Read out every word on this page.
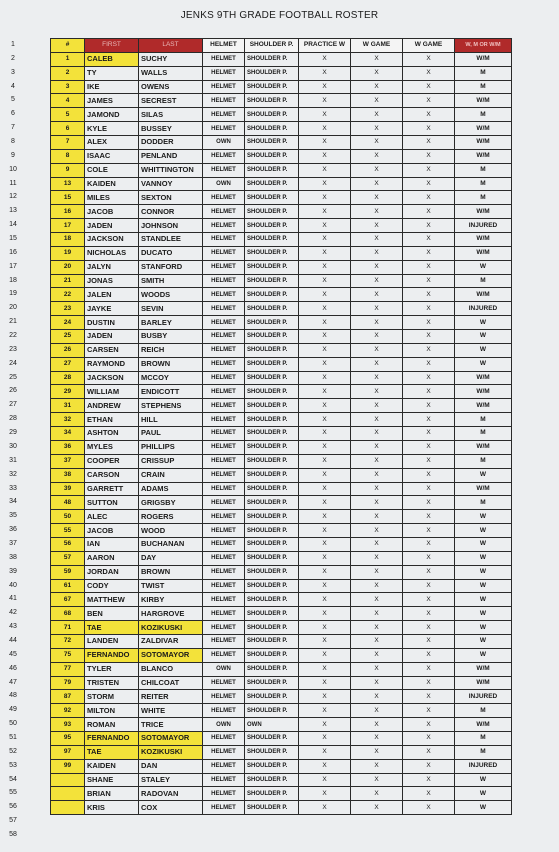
JENKS 9TH GRADE FOOTBALL ROSTER
1
2
3
4
5
6
7
8
9
10
11
12
13
14
15
16
17
18
19
20
21
22
23
24
25
26
27
28
29
30
31
32
33
34
35
36
37
38
39
40
41
42
43
44
45
46
47
48
49
50
51
52
53
54
55
56
57
58
#	FIRST	LAST	HELMET	SHOULDER P.	PRACTICE W	W GAME	W GAME	W, M OR W/M
1	CALEB	SUCHY	HELMET	SHOULDER P.	X	X	X	W/M
2	TY	WALLS	HELMET	SHOULDER P.	X	X	X	M
3	IKE	OWENS	HELMET	SHOULDER P.	X	X	X	M
4	JAMES	SECREST	HELMET	SHOULDER P.	X	X	X	W/M
5	JAMOND	SILAS	HELMET	SHOULDER P.	X	X	X	M
6	KYLE	BUSSEY	HELMET	SHOULDER P.	X	X	X	W/M
7	ALEX	DODDER	OWN	SHOULDER P.	X	X	X	W/M
8	ISAAC	PENLAND	HELMET	SHOULDER P.	X	X	X	W/M
9	COLE	WHITTINGTON	HELMET	SHOULDER P.	X	X	X	M
13	KAIDEN	VANNOY	OWN	SHOULDER P.	X	X	X	M
15	MILES	SEXTON	HELMET	SHOULDER P.	X	X	X	M
16	JACOB	CONNOR	HELMET	SHOULDER P.	X	X	X	W/M
17	JADEN	JOHNSON	HELMET	SHOULDER P.	X	X	X	INJURED
18	JACKSON	STANDLEE	HELMET	SHOULDER P.	X	X	X	W/M
19	NICHOLAS	DUCATO	HELMET	SHOULDER P.	X	X	X	W/M
20	JALYN	STANFORD	HELMET	SHOULDER P.	X	X	X	W
21	JONAS	SMITH	HELMET	SHOULDER P.	X	X	X	M
22	JALEN	WOODS	HELMET	SHOULDER P.	X	X	X	W/M
23	JAYKE	SEVIN	HELMET	SHOULDER P.	X	X	X	INJURED
24	DUSTIN	BARLEY	HELMET	SHOULDER P.	X	X	X	W
25	JADEN	BUSBY	HELMET	SHOULDER P.	X	X	X	W
26	CARSEN	REICH	HELMET	SHOULDER P.	X	X	X	W
27	RAYMOND	BROWN	HELMET	SHOULDER P.	X	X	X	W
28	JACKSON	MCCOY	HELMET	SHOULDER P.	X	X	X	W/M
29	WILLIAM	ENDICOTT	HELMET	SHOULDER P.	X	X	X	W/M
31	ANDREW	STEPHENS	HELMET	SHOULDER P.	X	X	X	W/M
32	ETHAN	HILL	HELMET	SHOULDER P.	X	X	X	M
34	ASHTON	PAUL	HELMET	SHOULDER P.	X	X	X	M
36	MYLES	PHILLIPS	HELMET	SHOULDER P.	X	X	X	W/M
37	COOPER	CRISSUP	HELMET	SHOULDER P.	X	X	X	M
38	CARSON	CRAIN	HELMET	SHOULDER P.	X	X	X	W
39	GARRETT	ADAMS	HELMET	SHOULDER P.	X	X	X	W/M
48	SUTTON	GRIGSBY	HELMET	SHOULDER P.	X	X	X	M
50	ALEC	ROGERS	HELMET	SHOULDER P.	X	X	X	W
55	JACOB	WOOD	HELMET	SHOULDER P.	X	X	X	W
56	IAN	BUCHANAN	HELMET	SHOULDER P.	X	X	X	W
57	AARON	DAY	HELMET	SHOULDER P.	X	X	X	W
59	JORDAN	BROWN	HELMET	SHOULDER P.	X	X	X	W
61	CODY	TWIST	HELMET	SHOULDER P.	X	X	X	W
67	MATTHEW	KIRBY	HELMET	SHOULDER P.	X	X	X	W
68	BEN	HARGROVE	HELMET	SHOULDER P.	X	X	X	W
71	TAE	KOZIKUSKI	HELMET	SHOULDER P.	X	X	X	W
72	LANDEN	ZALDIVAR	HELMET	SHOULDER P.	X	X	X	W
75	FERNANDO	SOTOMAYOR	HELMET	SHOULDER P.	X	X	X	W
77	TYLER	BLANCO	OWN	SHOULDER P.	X	X	X	W/M
79	TRISTEN	CHILCOAT	HELMET	SHOULDER P.	X	X	X	W/M
87	STORM	REITER	HELMET	SHOULDER P.	X	X	X	INJURED
92	MILTON	WHITE	HELMET	SHOULDER P.	X	X	X	M
93	ROMAN	TRICE	OWN	OWN	X	X	X	W/M
95	FERNANDO	SOTOMAYOR	HELMET	SHOULDER P.	X	X	X	M
97	TAE	KOZIKUSKI	HELMET	SHOULDER P.	X	X	X	M
99	KAIDEN	DAN	HELMET	SHOULDER P.	X	X	X	INJURED
	SHANE	STALEY	HELMET	SHOULDER P.	X	X	X	W
	BRIAN	RADOVAN	HELMET	SHOULDER P.	X	X	X	W
	KRIS	COX	HELMET	SHOULDER P.	X	X	X	W
